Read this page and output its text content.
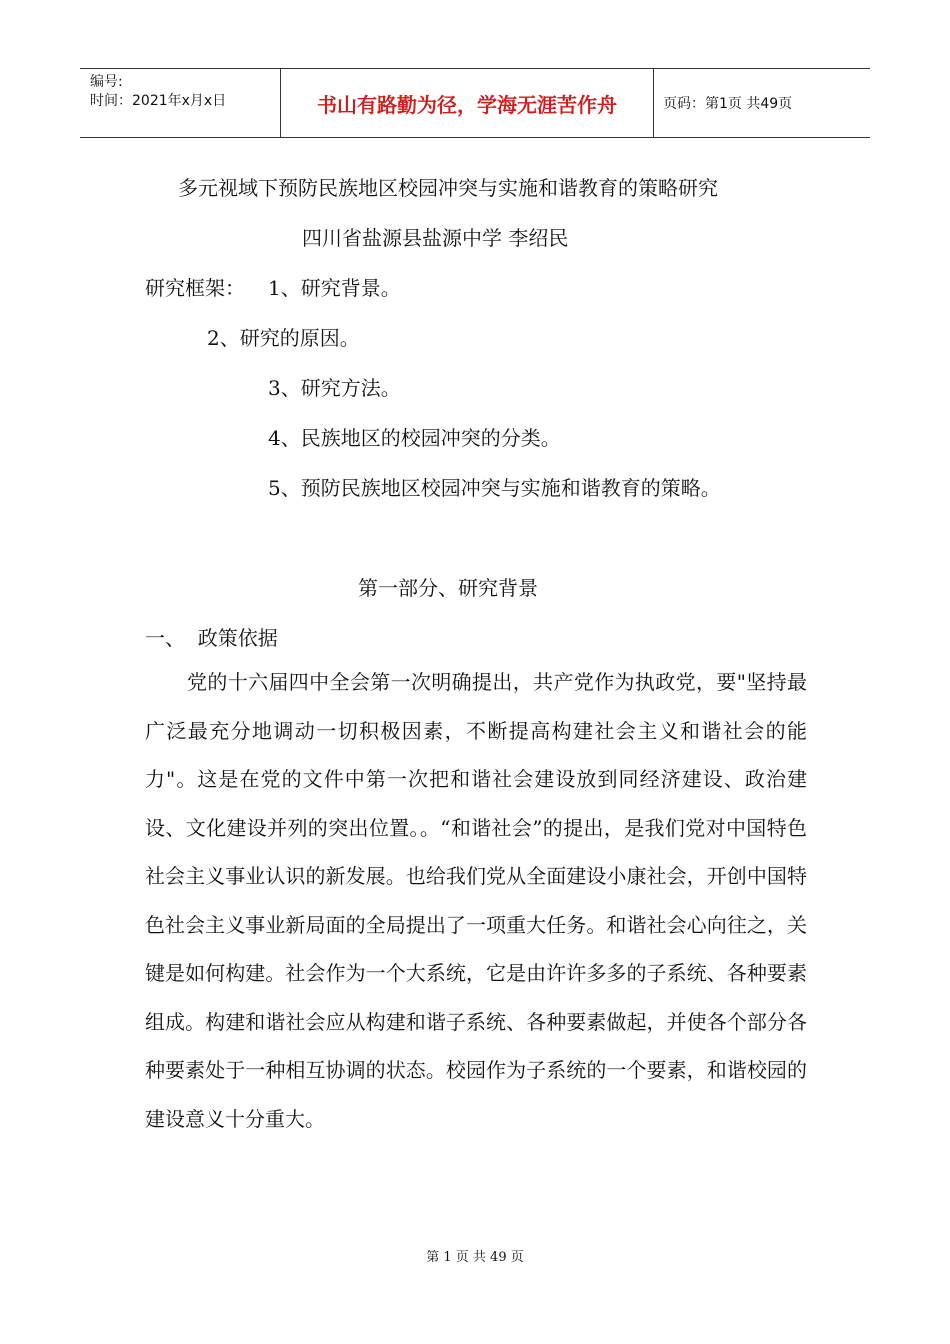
编号:
时间：2021年x月x日	书山有路勤为径，学海无涯苦作舟	页码：第1页 共49页
多元视域下预防民族地区校园冲突与实施和谐教育的策略研究
四川省盐源县盐源中学 李绍民
研究框架： 1、研究背景。
2、研究的原因。
3、研究方法。
4、民族地区的校园冲突的分类。
5、预防民族地区校园冲突与实施和谐教育的策略。
第一部分、研究背景
一、  政策依据

党的十六届四中全会第一次明确提出，共产党作为执政党，要"坚持最广泛最充分地调动一切积极因素，不断提高构建社会主义和谐社会的能力"。这是在党的文件中第一次把和谐社会建设放到同经济建设、政治建设、文化建设并列的突出位置。。“和谐社会”的提出，是我们党对中国特色社会主义事业认识的新发展。也给我们党从全面建设小康社会，开创中国特色社会主义事业新局面的全局提出了一项重大任务。和谐社会心向往之，关键是如何构建。社会作为一个大系统，它是由许许多多的子系统、各种要素组成。构建和谐社会应从构建和谐子系统、各种要素做起，并使各个部分各种要素处于一种相互协调的状态。校园作为子系统的一个要素，和谐校园的建设意义十分重大。

第 1 页 共 49 页
